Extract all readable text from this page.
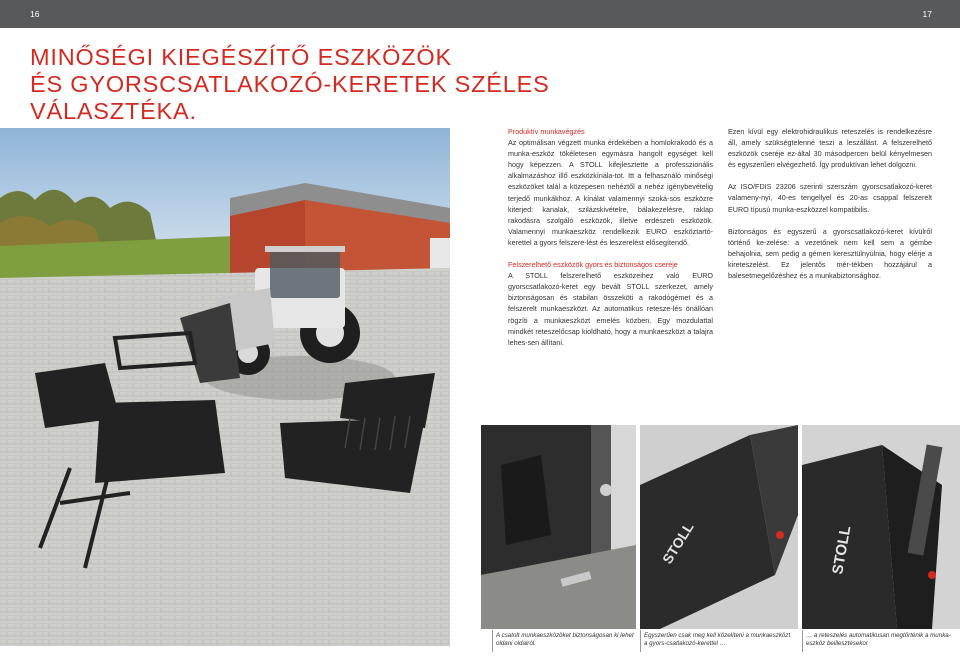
16	17
MINŐSÉGI KIEGÉSZÍTŐ ESZKÖZÖK
ÉS GYORSCSATLAKOZÓ-KERETEK SZÉLES VÁLASZTÉKA.
Produktív munkavégzés

Az optimálisan végzett munka érdekében a homlokrakodó és a munka-eszköz tökéletesen egymásra hangolt egységet kell hogy képezzen. A STOLL kifejlesztette a professzionális alkalmazáshoz illő eszközkínála-tot. Itt a felhasználó minőségi eszközöket talál a közepesen nehéztől a nehéz igénybevételig terjedő munkákhoz. A kínálat valamennyi szoká-sos eszközre kiterjed: kanalak, szilázskivételre, bálakezelésre, raklap rakodásra szolgáló eszközök, illetve erdészeti eszközök. Valamennyi munkaeszköz rendelkezik EURO eszköztartó-kerettel a gyors felszere-lést és leszerelést elősegítendő.

Felszerelhető eszközök gyors és biztonságos cseréje

A STOLL felszerelhető eszközeihez való EURO gyorscsatlakozó-keret egy bevált STOLL szerkezet, amely biztonságosan és stabilan összeköti a rakodógémet és a felszerelt munkaeszközt. Az automatikus retesze-lés önállóan rögzíti a munkaeszközt emelés közben. Egy mozdulattal mindkét reteszelőcsap kioldható, hogy a munkaeszközt a talajra lehes-sen állítani.

Ezen kívül egy elektrohidraulikus reteszelés is rendelkezésre áll, amely szükségtelenné teszi a leszállást. A felszerelhető eszközök cseréje ez-által 30 másodpercen belül kényelmesen és egyszerűen elvégezhető. Így produktívan lehet dolgozni.

Az ISO/FDIS 23206 szerinti szerszám gyorscsatlakozó-keret valameny-nyi, 40-es tengellyel és 20-as csappal felszerelt EURO típusú munka-eszközzel kompatibilis.

Biztonságos és egyszerű a gyorscsatlakozó-keret kívülről történő ke-zelése: a vezetőnek nem kell sem a gémbe behajolnia, sem pedig a gémen keresztülnyúlnia, hogy elérje a kireteszelést. Ez jelentős mér-tékben hozzájárul a balesetmegelőzéshez és a munkabiztonsághoz.

STOLL	STOLL
A csatolt munkaeszközöket biztonságosan ki lehet oldani oldalról.
Egyszerűen csak meg kell közelíteni a munkaeszközt a gyors-csatlakozó-kerettel …
… a reteszelés automatikusan megtörténik a munka-eszköz beillesztésekor
